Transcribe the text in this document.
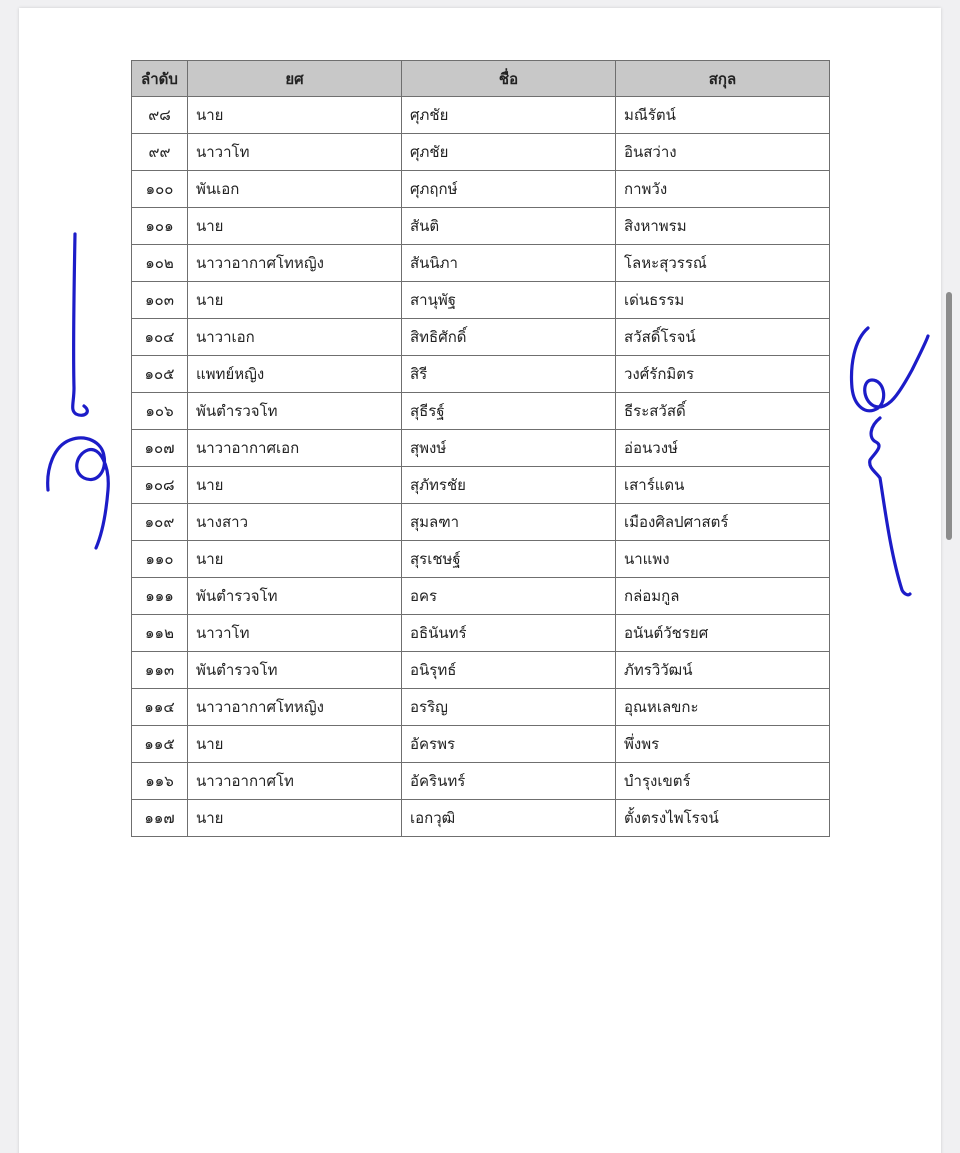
ลำดับ	ยศ	ชื่อ	สกุล
๙๘	นาย	ศุภชัย	มณีรัตน์
๙๙	นาวาโท	ศุภชัย	อินสว่าง
๑๐๐	พันเอก	ศุภฤกษ์	กาพวัง
๑๐๑	นาย	สันติ	สิงหาพรม
๑๐๒	นาวาอากาศโทหญิง	สันนิภา	โลหะสุวรรณ์
๑๐๓	นาย	สานุพัฐ	เด่นธรรม
๑๐๔	นาวาเอก	สิทธิศักดิ์	สวัสดิ์โรจน์
๑๐๕	แพทย์หญิง	สิรี	วงศ์รักมิตร
๑๐๖	พันตำรวจโท	สุธีรฐ์	ธีระสวัสดิ์
๑๐๗	นาวาอากาศเอก	สุพงษ์	อ่อนวงษ์
๑๐๘	นาย	สุภัทรชัย	เสาร์แดน
๑๐๙	นางสาว	สุมลฑา	เมืองศิลปศาสตร์
๑๑๐	นาย	สุรเชษฐ์	นาแพง
๑๑๑	พันตำรวจโท	อคร	กล่อมกูล
๑๑๒	นาวาโท	อธินันทร์	อนันต์วัชรยศ
๑๑๓	พันตำรวจโท	อนิรุทธ์	ภัทรวิวัฒน์
๑๑๔	นาวาอากาศโทหญิง	อรริญ	อุณหเลขกะ
๑๑๕	นาย	อัครพร	พึ่งพร
๑๑๖	นาวาอากาศโท	อัครินทร์	บำรุงเขตร์
๑๑๗	นาย	เอกวุฒิ	ตั้งตรงไพโรจน์
